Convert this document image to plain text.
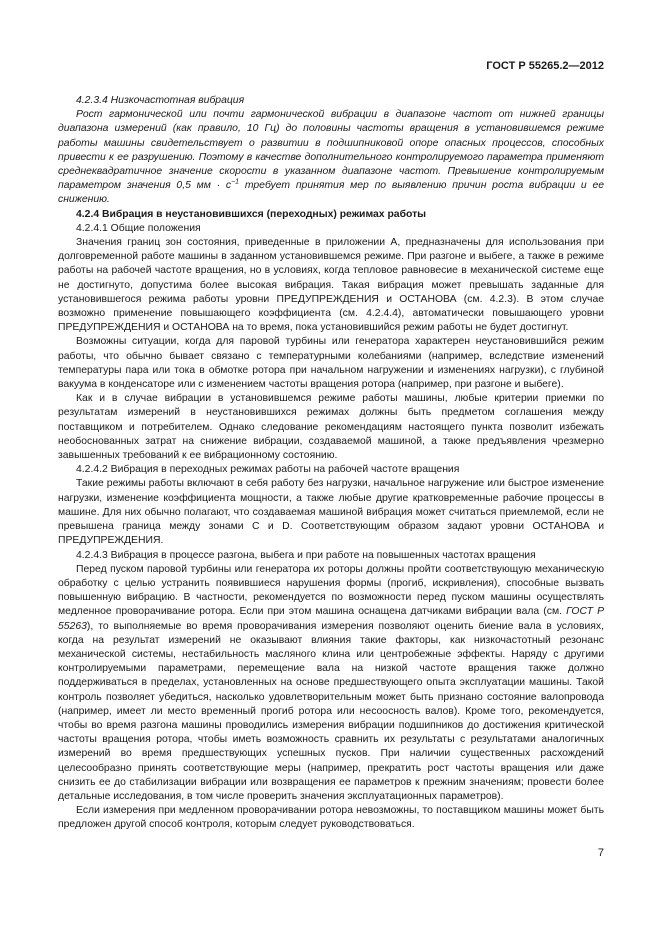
ГОСТ Р 55265.2—2012

4.2.3.4 Низкочастотная вибрация

Рост гармонической или почти гармонической вибрации в диапазоне частот от нижней границы диапазона измерений (как правило, 10 Гц) до половины частоты вращения в установившемся режиме работы машины свидетельствует о развитии в подшипниковой опоре опасных процессов, способных привести к ее разрушению. Поэтому в качестве дополнительного контролируемого параметра применяют среднеквадратичное значение скорости в указанном диапазоне частот. Превышение контролируемым параметром значения 0,5 мм · $с^{-1}$ требует принятия мер по выявлению причин роста вибрации и ее снижению.

4.2.4 Вибрация в неустановившихся (переходных) режимах работы

4.2.4.1 Общие положения

Значения границ зон состояния, приведенные в приложении А, предназначены для использования при долговременной работе машины в заданном установившемся режиме. При разгоне и выбеге, а также в режиме работы на рабочей частоте вращения, но в условиях, когда тепловое равновесие в механической системе еще не достигнуто, допустима более высокая вибрация. Такая вибрация может превышать заданные для установившегося режима работы уровни ПРЕДУПРЕЖДЕНИЯ и ОСТАНОВА (см. 4.2.3). В этом случае возможно применение повышающего коэффициента (см. 4.2.4.4), автоматически повышающего уровни ПРЕДУПРЕЖДЕНИЯ и ОСТАНОВА на то время, пока установившийся режим работы не будет достигнут.

Возможны ситуации, когда для паровой турбины или генератора характерен неустановившийся режим работы, что обычно бывает связано с температурными колебаниями (например, вследствие изменений температуры пара или тока в обмотке ротора при начальном нагружении и изменениях нагрузки), с глубиной вакуума в конденсаторе или с изменением частоты вращения ротора (например, при разгоне и выбеге).

Как и в случае вибрации в установившемся режиме работы машины, любые критерии приемки по результатам измерений в неустановившихся режимах должны быть предметом соглашения между поставщиком и потребителем. Однако следование рекомендациям настоящего пункта позволит избежать необоснованных затрат на снижение вибрации, создаваемой машиной, а также предъявления чрезмерно завышенных требований к ее вибрационному состоянию.

4.2.4.2 Вибрация в переходных режимах работы на рабочей частоте вращения

Такие режимы работы включают в себя работу без нагрузки, начальное нагружение или быстрое изменение нагрузки, изменение коэффициента мощности, а также любые другие кратковременные рабочие процессы в машине. Для них обычно полагают, что создаваемая машиной вибрация может считаться приемлемой, если не превышена граница между зонами С и D. Соответствующим образом задают уровни ОСТАНОВА и ПРЕДУПРЕЖДЕНИЯ.

4.2.4.3 Вибрация в процессе разгона, выбега и при работе на повышенных частотах вращения

Перед пуском паровой турбины или генератора их роторы должны пройти соответствующую механическую обработку с целью устранить появившиеся нарушения формы (прогиб, искривления), способные вызвать повышенную вибрацию. В частности, рекомендуется по возможности перед пуском машины осуществлять медленное проворачивание ротора. Если при этом машина оснащена датчиками вибрации вала (см. ГОСТ Р 55263), то выполняемые во время проворачивания измерения позволяют оценить биение вала в условиях, когда на результат измерений не оказывают влияния такие факторы, как низкочастотный резонанс механической системы, нестабильность масляного клина или центробежные эффекты. Наряду с другими контролируемыми параметрами, перемещение вала на низкой частоте вращения также должно поддерживаться в пределах, установленных на основе предшествующего опыта эксплуатации машины. Такой контроль позволяет убедиться, насколько удовлетворительным может быть признано состояние валопровода (например, имеет ли место временный прогиб ротора или несоосность валов). Кроме того, рекомендуется, чтобы во время разгона машины проводились измерения вибрации подшипников до достижения критической частоты вращения ротора, чтобы иметь возможность сравнить их результаты с результатами аналогичных измерений во время предшествующих успешных пусков. При наличии существенных расхождений целесообразно принять соответствующие меры (например, прекратить рост частоты вращения или даже снизить ее до стабилизации вибрации или возвращения ее параметров к прежним значениям; провести более детальные исследования, в том числе проверить значения эксплуатационных параметров).

Если измерения при медленном проворачивании ротора невозможны, то поставщиком машины может быть предложен другой способ контроля, которым следует руководствоваться.

7
